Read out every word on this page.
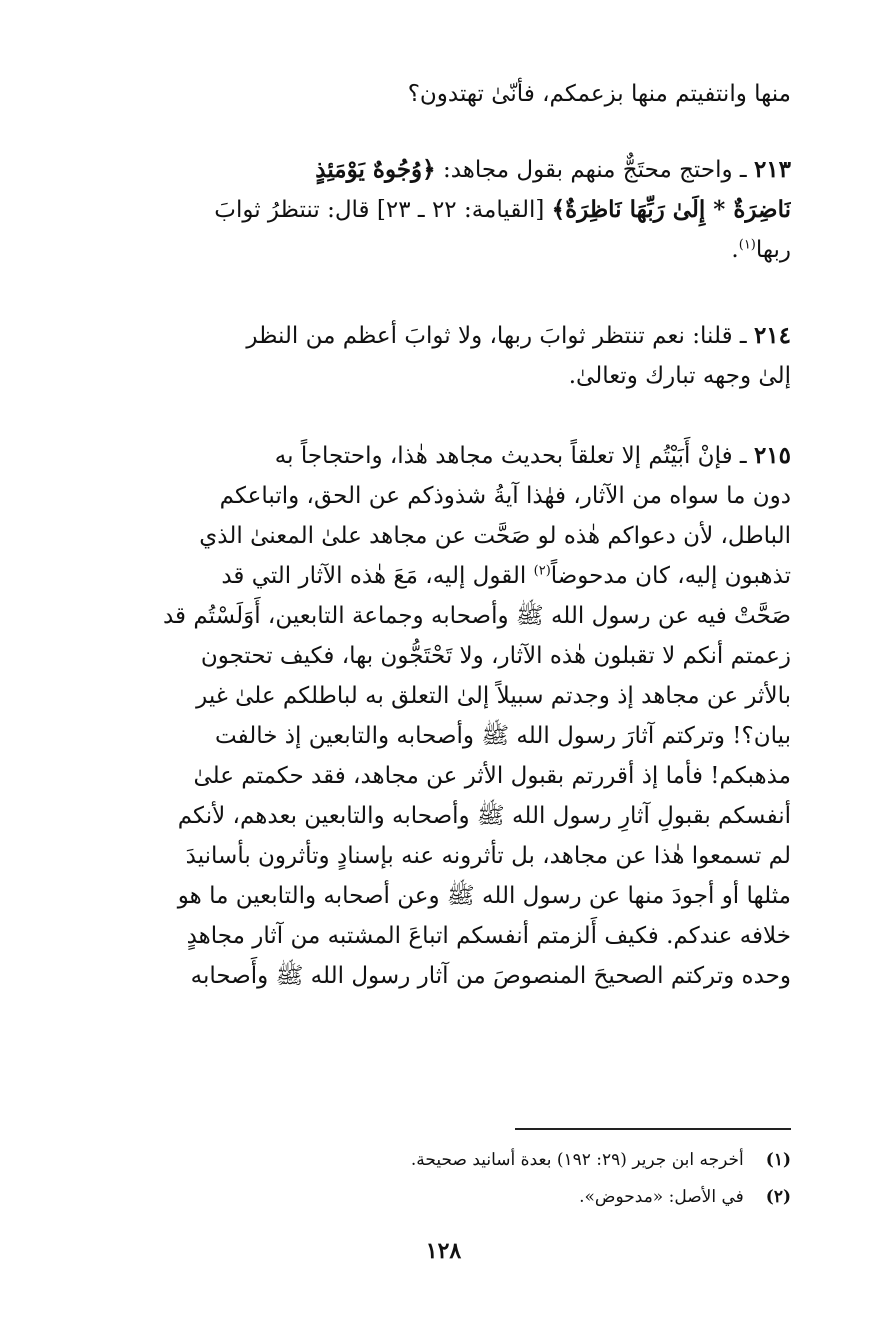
منها وانتفيتم منها بزعمكم، فأنّىٰ تهتدون؟
٢١٣ ـ واحتج محتَجٌّ منهم بقول مجاهد: ﴿وُجُوهٌ يَوْمَئِذٍ
نَاضِرَةٌ * إِلَىٰ رَبِّهَا نَاظِرَةٌ﴾ [القيامة: ٢٢ ـ ٢٣] قال: تنتظرُ ثوابَ
ربها$^{(١)}$.
٢١٤ ـ قلنا: نعم تنتظر ثوابَ ربها، ولا ثوابَ أعظم من النظر
إلىٰ وجهه تبارك وتعالىٰ.
٢١٥ ـ فإنْ أَبَيْتُم إلا تعلقاً بحديث مجاهد هٰذا، واحتجاجاً به
دون ما سواه من الآثار، فهٰذا آيةُ شذوذكم عن الحق، واتباعكم
الباطل، لأن دعواكم هٰذه لو صَحَّت عن مجاهد علىٰ المعنىٰ الذي
تذهبون إليه، كان مدحوضاً$^{(٢)}$ القول إليه، مَعَ هٰذه الآثار التي قد
صَحَّتْ فيه عن رسول الله ﷺ وأصحابه وجماعة التابعين، أَوَلَسْتُم قد
زعمتم أنكم لا تقبلون هٰذه الآثار، ولا تَحْتَجُّون بها، فكيف تحتجون
بالأثر عن مجاهد إذ وجدتم سبيلاً إلىٰ التعلق به لباطلكم علىٰ غير
بيان؟! وتركتم آثارَ رسول الله ﷺ وأصحابه والتابعين إذ خالفت
مذهبكم! فأما إذ أقررتم بقبول الأثر عن مجاهد، فقد حكمتم علىٰ
أنفسكم بقبولِ آثارِ رسول الله ﷺ وأصحابه والتابعين بعدهم، لأنكم
لم تسمعوا هٰذا عن مجاهد، بل تأثرونه عنه بإسنادٍ وتأثرون بأسانيدَ
مثلها أو أجودَ منها عن رسول الله ﷺ وعن أصحابه والتابعين ما هو
خلافه عندكم. فكيف أَلزمتم أنفسكم اتباعَ المشتبه من آثار مجاهدٍ
وحده وتركتم الصحيحَ المنصوصَ من آثار رسول الله ﷺ وأَصحابه
(١)أخرجه ابن جرير (٢٩: ١٩٢) بعدة أسانيد صحيحة.
(٢)في الأصل: «مدحوض».
١٢٨
